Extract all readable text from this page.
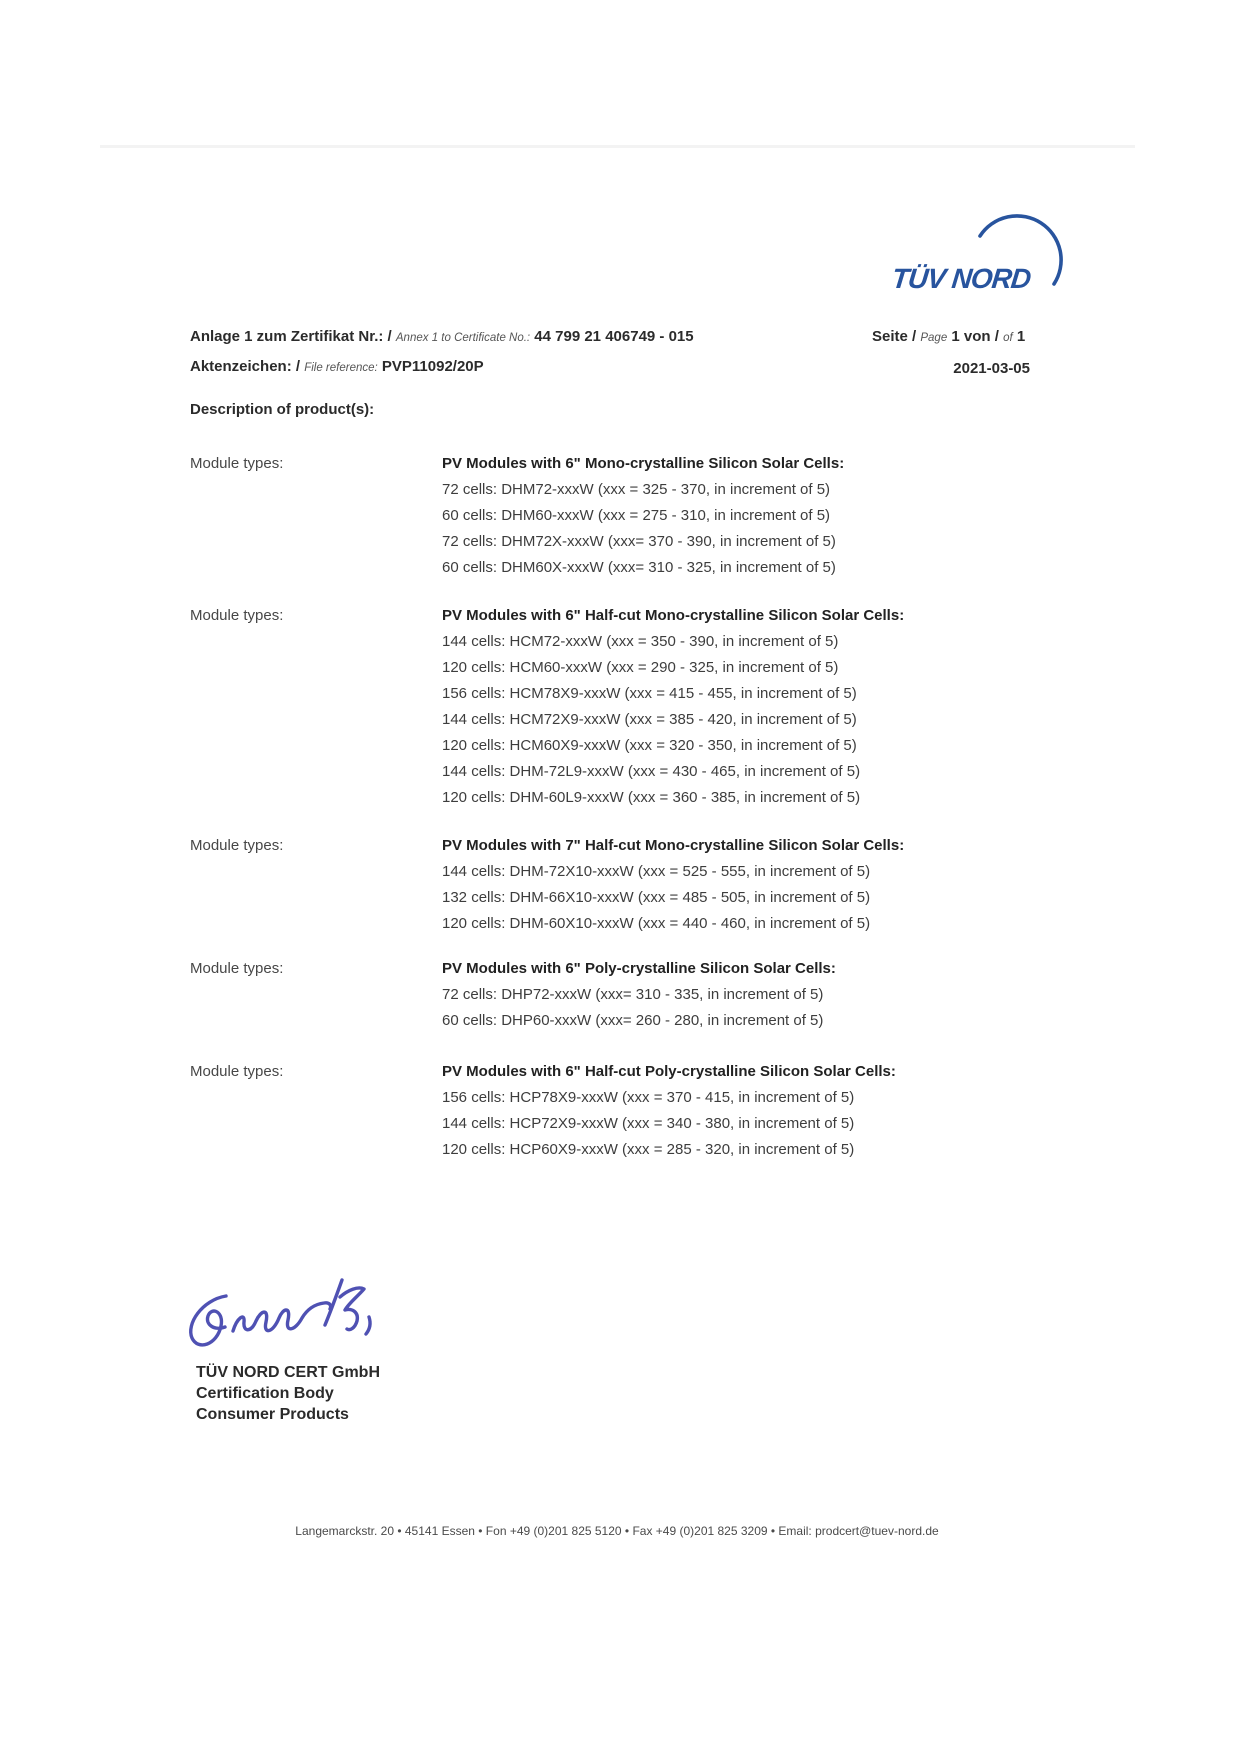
TÜV NORD
Anlage 1 zum Zertifikat Nr.: / Annex 1 to Certificate No.: 44 799 21 406749 - 015
Aktenzeichen: / File reference: PVP11092/20P
Seite / Page 1 von / of 1
2021-03-05
Description of product(s):
Module types:	PV Modules with 6" Mono-crystalline Silicon Solar Cells:
72 cells: DHM72-xxxW (xxx = 325 - 370, in increment of 5)
60 cells: DHM60-xxxW (xxx = 275 - 310, in increment of 5)
72 cells: DHM72X-xxxW (xxx= 370 - 390, in increment of 5)
60 cells: DHM60X-xxxW (xxx= 310 - 325, in increment of 5)
Module types:	PV Modules with 6" Half-cut Mono-crystalline Silicon Solar Cells:
144 cells: HCM72-xxxW (xxx = 350 - 390, in increment of 5)
120 cells: HCM60-xxxW (xxx = 290 - 325, in increment of 5)
156 cells: HCM78X9-xxxW (xxx = 415 - 455, in increment of 5)
144 cells: HCM72X9-xxxW (xxx = 385 - 420, in increment of 5)
120 cells: HCM60X9-xxxW (xxx = 320 - 350, in increment of 5)
144 cells: DHM-72L9-xxxW (xxx = 430 - 465, in increment of 5)
120 cells: DHM-60L9-xxxW (xxx = 360 - 385, in increment of 5)
Module types:	PV Modules with 7" Half-cut Mono-crystalline Silicon Solar Cells:
144 cells: DHM-72X10-xxxW (xxx = 525 - 555, in increment of 5)
132 cells: DHM-66X10-xxxW (xxx = 485 - 505, in increment of 5)
120 cells: DHM-60X10-xxxW (xxx = 440 - 460, in increment of 5)
Module types:	PV Modules with 6" Poly-crystalline Silicon Solar Cells:
72 cells: DHP72-xxxW (xxx= 310 - 335, in increment of 5)
60 cells: DHP60-xxxW (xxx= 260 - 280, in increment of 5)
Module types:	PV Modules with 6" Half-cut Poly-crystalline Silicon Solar Cells:
156 cells: HCP78X9-xxxW (xxx = 370 - 415, in increment of 5)
144 cells: HCP72X9-xxxW (xxx = 340 - 380, in increment of 5)
120 cells: HCP60X9-xxxW (xxx = 285 - 320, in increment of 5)
TÜV NORD CERT GmbH
Certification Body
Consumer Products
Langemarckstr. 20 • 45141 Essen • Fon +49 (0)201 825 5120 • Fax +49 (0)201 825 3209 • Email: prodcert@tuev-nord.de
